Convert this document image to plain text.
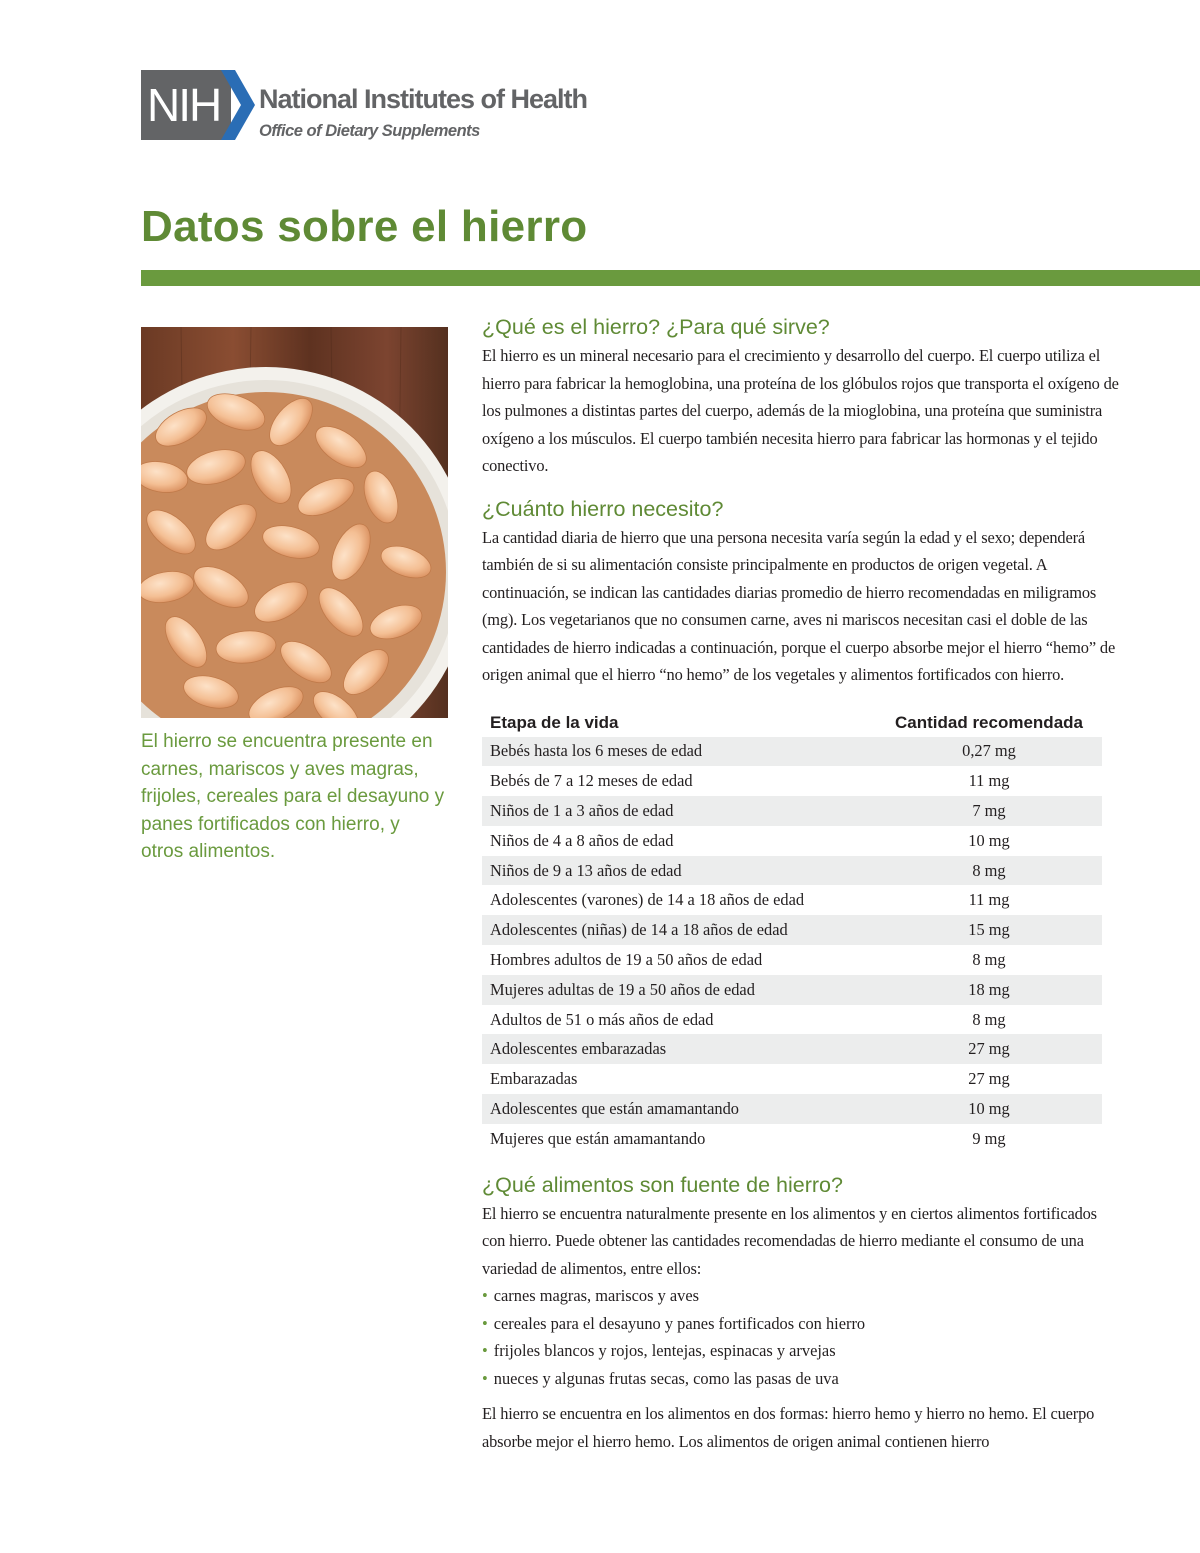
NIH	National Institutes of Health
Office of Dietary Supplements
Datos sobre el hierro

El hierro se encuentra presente en carnes, mariscos y aves magras, frijoles, cereales para el desayuno y panes fortificados con hierro, y otros alimentos.

¿Qué es el hierro? ¿Para qué sirve?

El hierro es un mineral necesario para el crecimiento y desarrollo del cuerpo. El cuerpo utiliza el hierro para fabricar la hemoglobina, una proteína de los glóbulos rojos que transporta el oxígeno de los pulmones a distintas partes del cuerpo, además de la mioglobina, una proteína que suministra oxígeno a los músculos. El cuerpo también necesita hierro para fabricar las hormonas y el tejido conectivo.

¿Cuánto hierro necesito?

La cantidad diaria de hierro que una persona necesita varía según la edad y el sexo; dependerá también de si su alimentación consiste principalmente en productos de origen vegetal. A continuación, se indican las cantidades diarias promedio de hierro recomendadas en miligramos (mg). Los vegetarianos que no consumen carne, aves ni mariscos necesitan casi el doble de las cantidades de hierro indicadas a continuación, porque el cuerpo absorbe mejor el hierro “hemo” de origen animal que el hierro “no hemo” de los vegetales y alimentos fortificados con hierro.

Etapa de la vida	Cantidad recomendada
Bebés hasta los 6 meses de edad	0,27 mg
Bebés de 7 a 12 meses de edad	11 mg
Niños de 1 a 3 años de edad	7 mg
Niños de 4 a 8 años de edad	10 mg
Niños de 9 a 13 años de edad	8 mg
Adolescentes (varones) de 14 a 18 años de edad	11 mg
Adolescentes (niñas) de 14 a 18 años de edad	15 mg
Hombres adultos de 19 a 50 años de edad	8 mg
Mujeres adultas de 19 a 50 años de edad	18 mg
Adultos de 51 o más años de edad	8 mg
Adolescentes embarazadas	27 mg
Embarazadas	27 mg
Adolescentes que están amamantando	10 mg
Mujeres que están amamantando	9 mg
¿Qué alimentos son fuente de hierro?

El hierro se encuentra naturalmente presente en los alimentos y en ciertos alimentos fortificados con hierro. Puede obtener las cantidades recomendadas de hierro mediante el consumo de una variedad de alimentos, entre ellos:

• carnes magras, mariscos y aves
• cereales para el desayuno y panes fortificados con hierro
• frijoles blancos y rojos, lentejas, espinacas y arvejas
• nueces y algunas frutas secas, como las pasas de uva

El hierro se encuentra en los alimentos en dos formas: hierro hemo y hierro no hemo. El cuerpo absorbe mejor el hierro hemo. Los alimentos de origen animal contienen hierro
